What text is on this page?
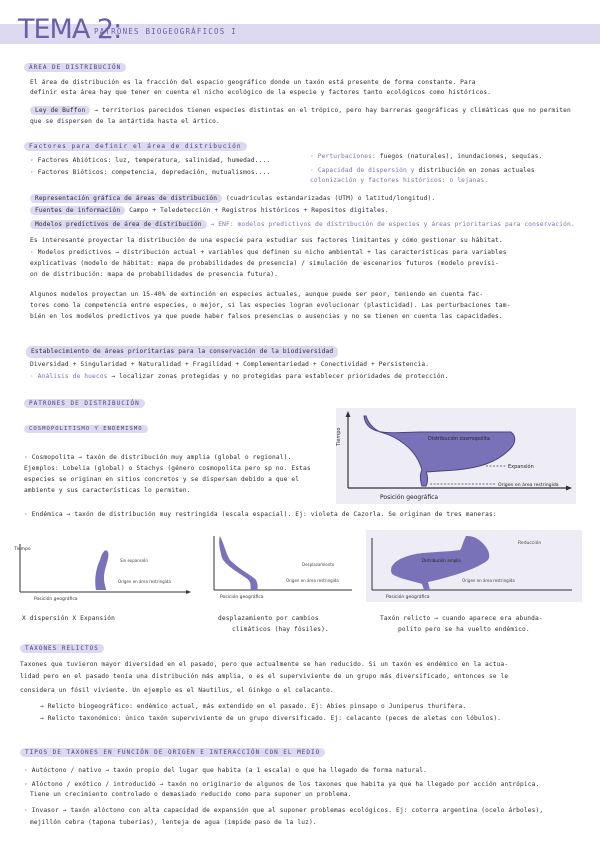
TEMA 2:
PATRONES BIOGEOGRÁFICOS I
ÁREA DE DISTRIBUCIÓN
El área de distribución es la fracción del espacio geográfico donde un taxón está presente de forma constante. Para
definir esta área hay que tener en cuenta el nicho ecológico de la especie y factores tanto ecológicos como históricos.
Ley de Buffon → territorios parecidos tienen especies distintas en el trópico, pero hay barreras geográficas y climáticas que no permiten
que se dispersen de la antártida hasta el ártico.
Factores para definir el área de distribución
· Factores Abióticos: luz, temperatura, salinidad, humedad....
· Factores Bióticos: competencia, depredación, mutualismos....
· Perturbaciones: fuegos (naturales), inundaciones, sequías.
· Capacidad de dispersión y distribución en zonas actuales
colonización y factores históricos: o lejanas.
Representación gráfica de áreas de distribución (cuadrículas estandarizadas (UTM) o latitud/longitud).
Fuentes de información Campo + Teledetección + Registros históricos + Repositos digitales.
Modelos predictivos de área de distribución → ENF: modelos predictivos de distribución de especies y áreas prioritarias para conservación.
Es interesante proyectar la distribución de una especie para estudiar sus factores limitantes y cómo gestionar su hábitat.
· Modelos predictivos → distribución actual + variables que definen su nicho ambiental + las características para variables
explicativas (modelo de hábitat: mapa de probabilidades de presencia) / simulación de escenarios futuros (modelo previsi-
on de distribución: mapa de probabilidades de presencia futura).
Algunos modelos proyectan un 15-40% de extinción en especies actuales, aunque puede ser peor, teniendo en cuenta fac-
tores como la competencia entre especies, o mejor, si las especies logran evolucionar (plasticidad). Las perturbaciones tam-
bién en los modelos predictivos ya que puede haber falsos presencias o ausencias y no se tienen en cuenta las capacidades.
Establecimiento de áreas prioritarias para la conservación de la biodiversidad
Diversidad + Singularidad + Naturalidad + Fragilidad + Complementariedad + Conectividad + Persistencia.
· Análisis de huecos → localizar zonas protegidas y no protegidas para establecer prioridades de protección.
PATRONES DE DISTRIBUCIÓN
COSMOPOLITISMO Y ENDEMISMO
· Cosmopolita → taxón de distribución muy amplia (global o regional).
Ejemplos: Lobelia (global) o Stachys (género cosmopolita pero sp no. Estas
especies se originan en sitios concretos y se dispersan debido a que el
ambiente y sus características lo permiten.
Tiempo	Distribución cosmopolita
Expansión
Origen en área restringida
Posición geográfica
· Endémica → taxón de distribución muy restringida (escala espacial). Ej: violeta de Cazorla. Se originan de tres maneras:
Tiempo
Sin expansión
Origen en área restringida
Posición geográfica
Desplazamiento
Origen en área restringida
Posición geográfica
Reducción
Distribución amplia
Origen en área restringida
Posición geográfica
X dispersión X Expansión	desplazamiento por cambios
climáticos (hay fósiles).
Taxón relicto → cuando aparece era abunda-
polito pero se ha vuelto endémico.
TAXONES RELICTOS
Taxones que tuvieron mayor diversidad en el pasado, pero que actualmente se han reducido. Si un taxón es endémico en la actua-
lidad pero en el pasado tenía una distribución más amplia, o es el superviviente de un grupo más diversificado, entonces se le
considera un fósil viviente. Un ejemplo es el Nautilus, el Ginkgo o el celacanto.
→ Relicto biogeográfico: endémico actual, más extendido en el pasado. Ej: Abies pinsapo o Juniperus thurifera.
→ Relicto taxonómico: único taxón superviviente de un grupo diversificado. Ej: celacanto (peces de aletas con lóbulos).
TIPOS DE TAXONES EN FUNCIÓN DE ORIGEN E INTERACCIÓN CON EL MEDIO
· Autóctono / nativo → taxón propio del lugar que habita (a 1 escala) o que ha llegado de forma natural.
· Alóctono / exótico / introducido → taxón no originario de algunos de los taxones que habita ya que ha llegado por acción antrópica.
Tiene un crecimiento controlado o demasiado reducido como para suponer un problema.
· Invasor → taxón alóctono con alta capacidad de expansión que al suponer problemas ecológicos. Ej: cotorra argentina (ocelo árboles),
mejillón cebra (tapona tuberías), lenteja de agua (impide paso de la luz).
